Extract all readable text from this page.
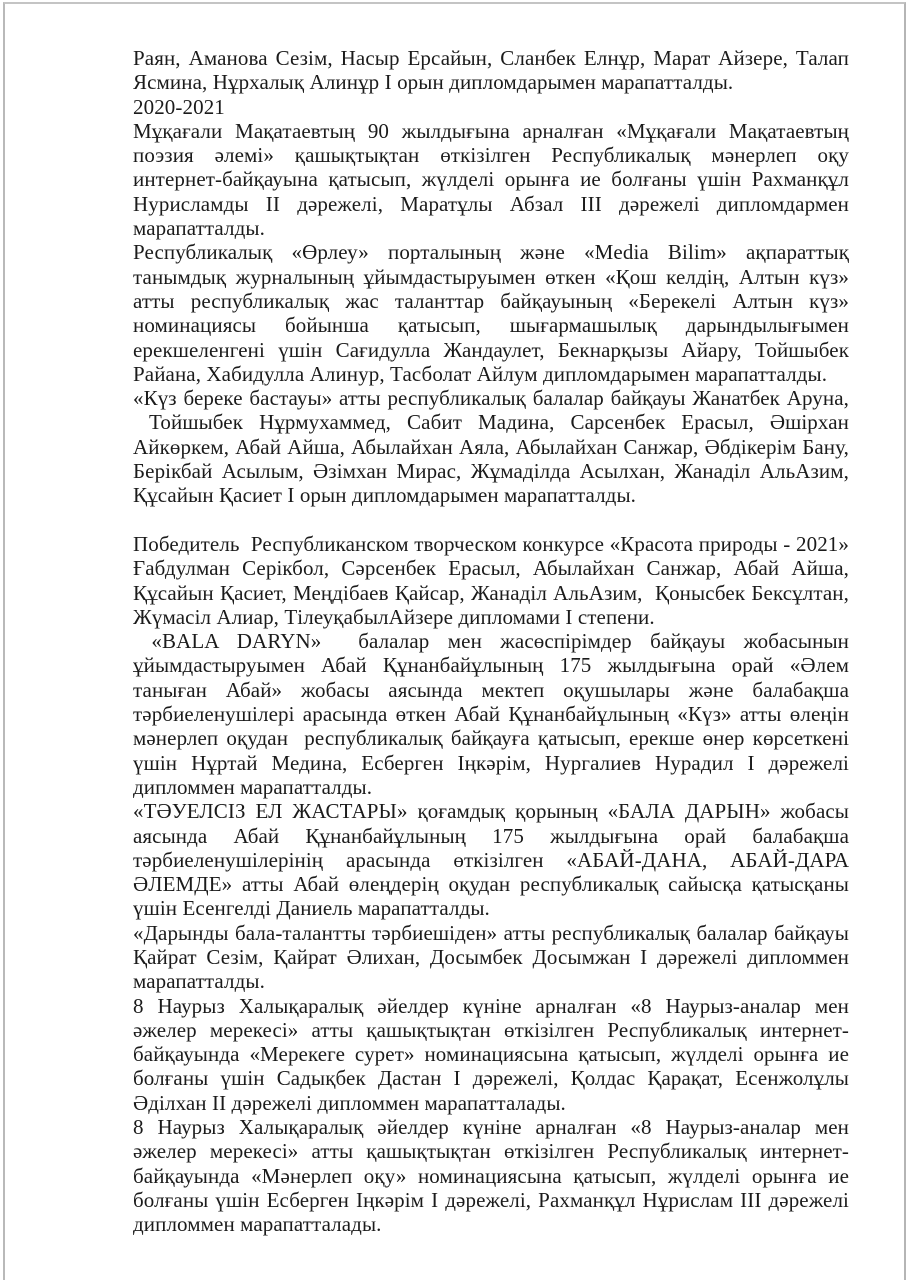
Раян, Аманова Сезім, Насыр Ерсайын, Сланбек Елнұр, Марат Айзере, Талап Ясмина, Нұрхалық Алинұр I орын дипломдарымен марапатталды.

2020-2021

Мұқағали Мақатаевтың 90 жылдығына арналған «Мұқағали Мақатаевтың поэзия әлемі» қашықтықтан өткізілген Республикалық мәнерлеп оқу интернет-байқауына қатысып, жүлделі орынға ие болғаны үшін Рахманқұл Нурисламды II дәрежелі, Маратұлы Абзал III дәрежелі дипломдармен марапатталды.

Республикалық «Өрлеу» порталының және «Media Bilim» ақпараттық танымдық журналының ұйымдастыруымен өткен «Қош келдің, Алтын күз» атты республикалық жас таланттар байқауының «Берекелі Алтын күз» номинациясы бойынша қатысып, шығармашылық дарындылығымен ерекшеленгені үшін Сағидулла Жандаулет, Бекнарқызы Айару, Тойшыбек Райана, Хабидулла Алинур, Тасболат Айлум дипломдарымен марапатталды.

«Күз береке бастауы» атты республикалық балалар байқауы Жанатбек Аруна,  Тойшыбек Нұрмухаммед, Сабит Мадина, Сарсенбек Ерасыл, Әшірхан Айкөркем, Абай Айша, Абылайхан Аяла, Абылайхан Санжар, Әбдікерім Бану, Берікбай Асылым, Әзімхан Мирас, Жұмаділда Асылхан, Жанаділ АльАзим, Құсайын Қасиет I орын дипломдарымен марапатталды.

Победитель  Республиканском творческом конкурсе «Красота природы - 2021» Ғабдулман Серікбол, Сәрсенбек Ерасыл, Абылайхан Санжар, Абай Айша, Құсайын Қасиет, Меңдібаев Қайсар, Жанаділ АльАзим,  Қонысбек Бексұлтан, Жүмасіл Алиар, ТілеуқабылАйзере дипломами I степени.

«BALA DARYN»  балалар мен жасөспірімдер байқауы жобасынын ұйымдастыруымен Абай Құнанбайұлының 175 жылдығына орай «Әлем таныған Абай» жобасы аясында мектеп оқушылары және балабақша тәрбиеленушілері арасында өткен Абай Құнанбайұлының «Күз» атты өлеңін мәнерлеп оқудан  республикалық байқауға қатысып, ерекше өнер көрсеткені үшін Нұртай Медина, Есберген Іңкәрім, Нургалиев Нурадил I дәрежелі дипломмен марапатталды.

«ТӘУЕЛСІЗ ЕЛ ЖАСТАРЫ» қоғамдық қорының «БАЛА ДАРЫН» жобасы аясында Абай Құнанбайұлының 175 жылдығына орай балабақша тәрбиеленушілерінің арасында өткізілген «АБАЙ-ДАНА, АБАЙ-ДАРА ӘЛЕМДЕ» атты Абай өлеңдерің оқудан республикалық сайысқа қатысқаны үшін Есенгелді Даниель марапатталды.

«Дарынды бала-талантты тәрбиешіден» атты республикалық балалар байқауы Қайрат Сезім, Қайрат Әлихан, Досымбек Досымжан I дәрежелі дипломмен марапатталды.

8 Наурыз Халықаралық әйелдер күніне арналған «8 Наурыз-аналар мен әжелер мерекесі» атты қашықтықтан өткізілген Республикалық интернет-байқауында «Мерекеге сурет» номинациясына қатысып, жүлделі орынға ие болғаны үшін Садықбек Дастан I дәрежелі, Қолдас Қарақат, Есенжолұлы Әділхан II дәрежелі дипломмен марапатталады.

8 Наурыз Халықаралық әйелдер күніне арналған «8 Наурыз-аналар мен әжелер мерекесі» атты қашықтықтан өткізілген Республикалық интернет-байқауында «Мәнерлеп оқу» номинациясына қатысып, жүлделі орынға ие болғаны үшін Есберген Іңкәрім I дәрежелі, Рахманқұл Нұрислам III дәрежелі дипломмен марапатталады.
